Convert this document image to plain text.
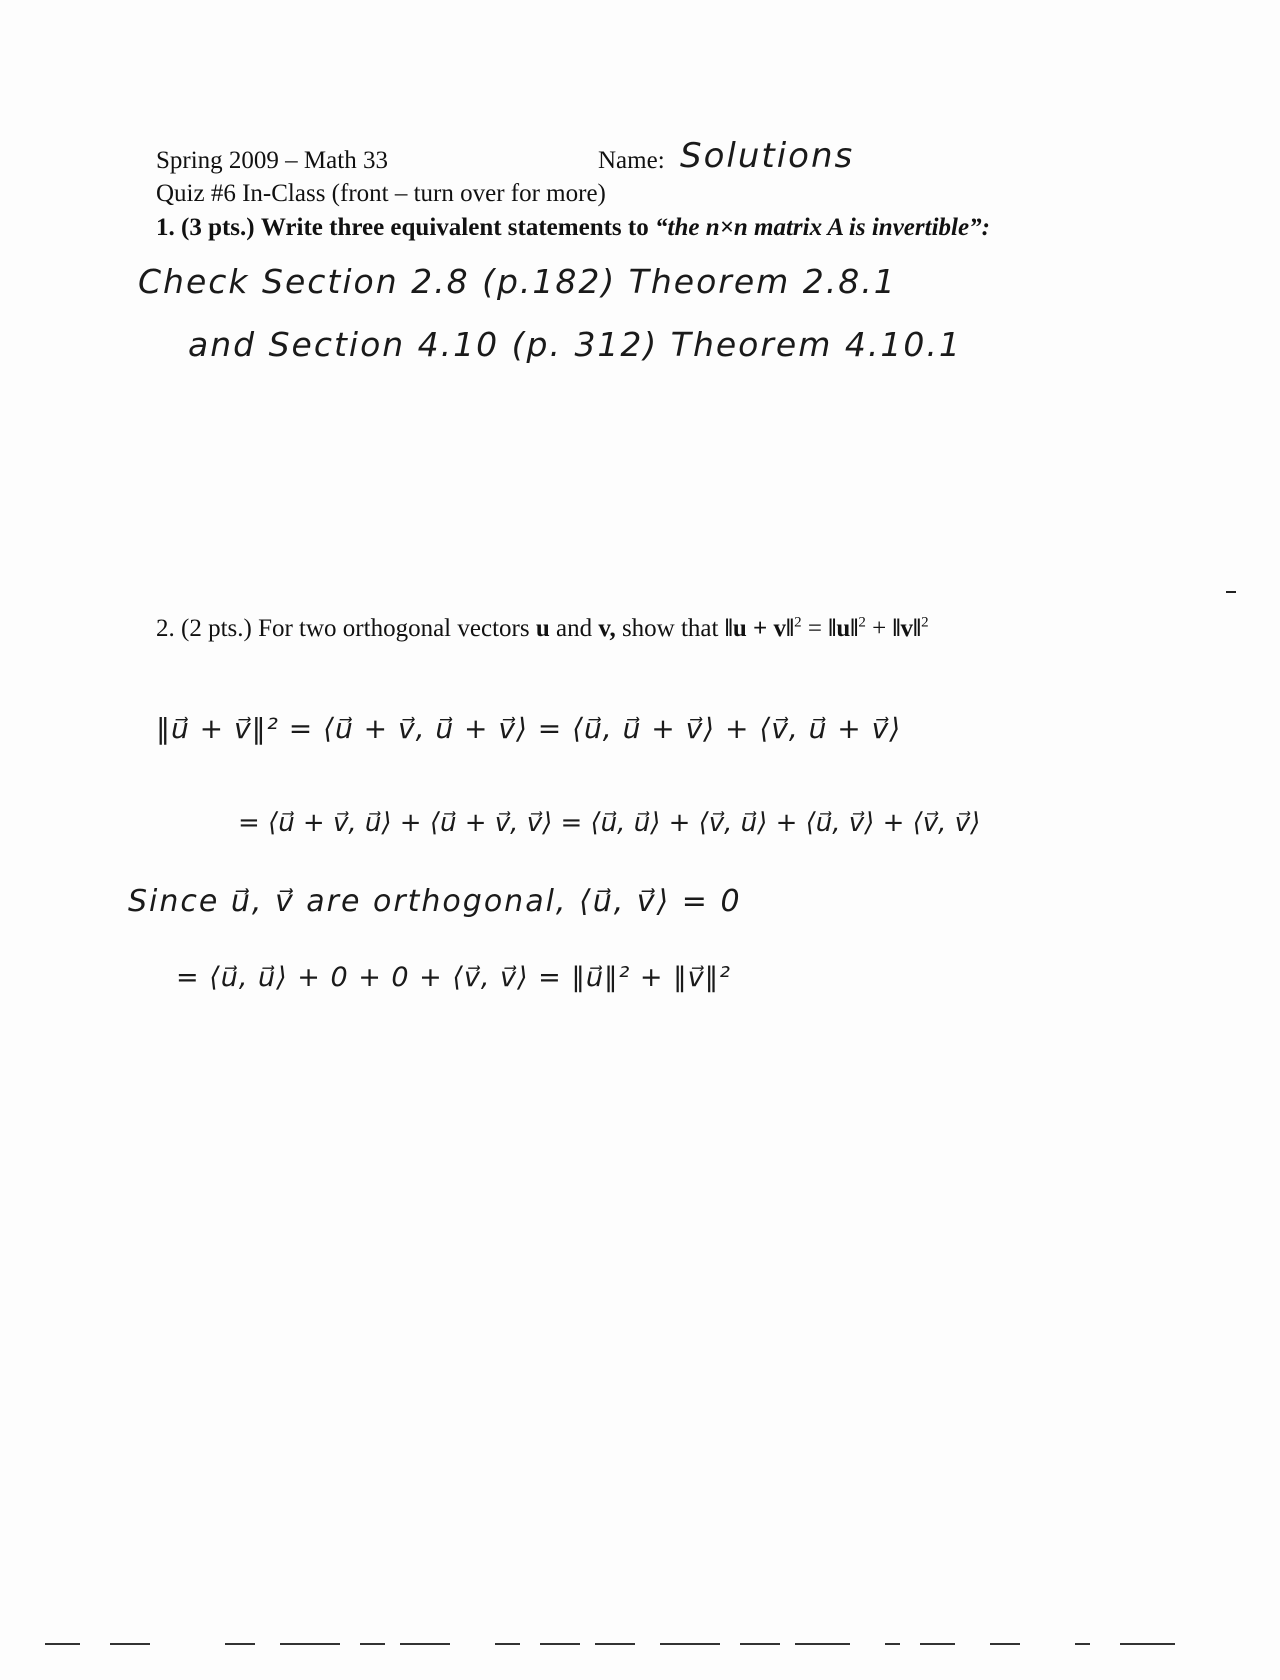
Spring 2009 – Math 33	Name: Solutions
Quiz #6 In-Class (front – turn over for more)
1. (3 pts.) Write three equivalent statements to “the n×n matrix A is invertible”:
Check Section 2.8 (p.182) Theorem 2.8.1
and Section 4.10 (p. 312) Theorem 4.10.1
2. (2 pts.) For two orthogonal vectors u and v, show that ‖u + v‖$^2$ = ‖u‖$^2$ + ‖v‖$^2$
‖u⃗ + v⃗‖² = ⟨u⃗ + v⃗, u⃗ + v⃗⟩ = ⟨u⃗, u⃗ + v⃗⟩ + ⟨v⃗, u⃗ + v⃗⟩
= ⟨u⃗ + v⃗, u⃗⟩ + ⟨u⃗ + v⃗, v⃗⟩ = ⟨u⃗, u⃗⟩ + ⟨v⃗, u⃗⟩ + ⟨u⃗, v⃗⟩ + ⟨v⃗, v⃗⟩
Since u⃗, v⃗ are orthogonal, ⟨u⃗, v⃗⟩ = 0
= ⟨u⃗, u⃗⟩ + 0 + 0 + ⟨v⃗, v⃗⟩ = ‖u⃗‖² + ‖v⃗‖²
